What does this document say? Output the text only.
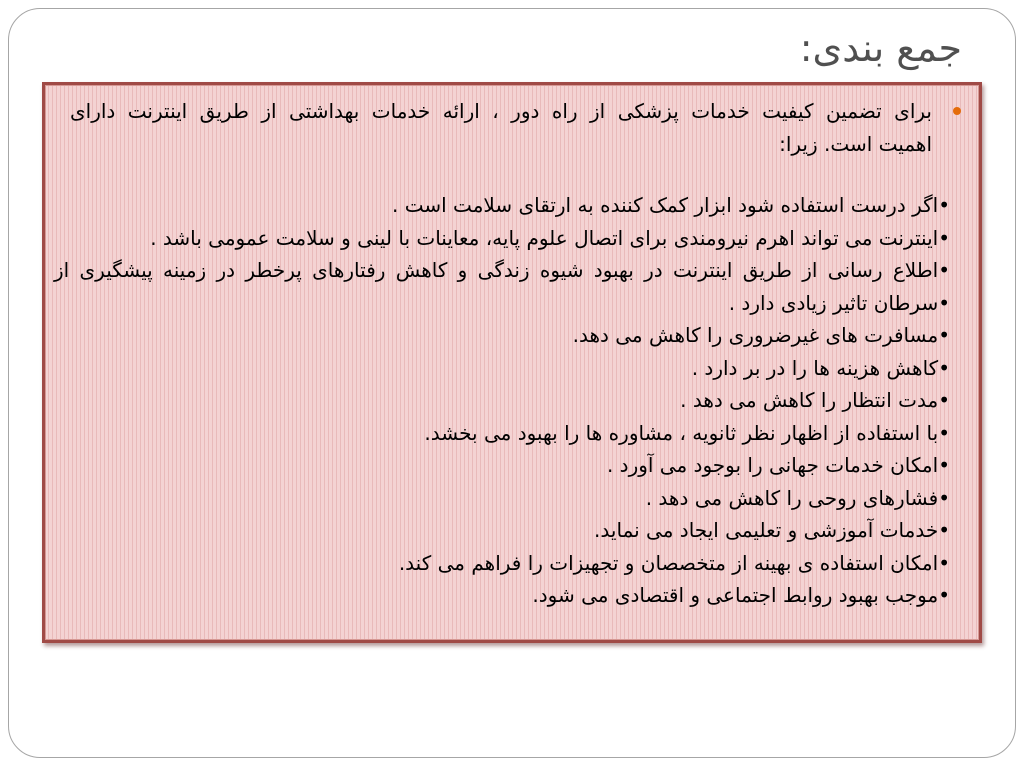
جمع بندی:
برای تضمین کیفیت خدمات پزشکی از راه دور ، ارائه خدمات بهداشتی از طریق اینترنت دارای
اهمیت است. زیرا:
•اگر درست استفاده شود ابزار کمک کننده به ارتقای سلامت است .
•اینترنت می تواند اهرم نیرومندی برای اتصال علوم پایه، معاینات با لینی و سلامت عمومی باشد .
•اطلاع رسانی از طریق اینترنت در بهبود شیوه زندگی و کاهش رفتارهای پرخطر در زمینه پیشگیری از
•سرطان تاثیر زیادی دارد .
•مسافرت های غیرضروری را کاهش می دهد.
•کاهش هزینه ها را در بر دارد .
•مدت انتظار را کاهش می دهد .
•با استفاده از اظهار نظر ثانویه ، مشاوره ها را بهبود می بخشد.
•امکان خدمات جهانی را بوجود می آورد .
•فشارهای روحی را کاهش می دهد .
•خدمات آموزشی و تعلیمی ایجاد می نماید.
•امکان استفاده ی بهینه از متخصصان و تجهیزات را فراهم می کند.
•موجب بهبود روابط اجتماعی و اقتصادی می شود.
